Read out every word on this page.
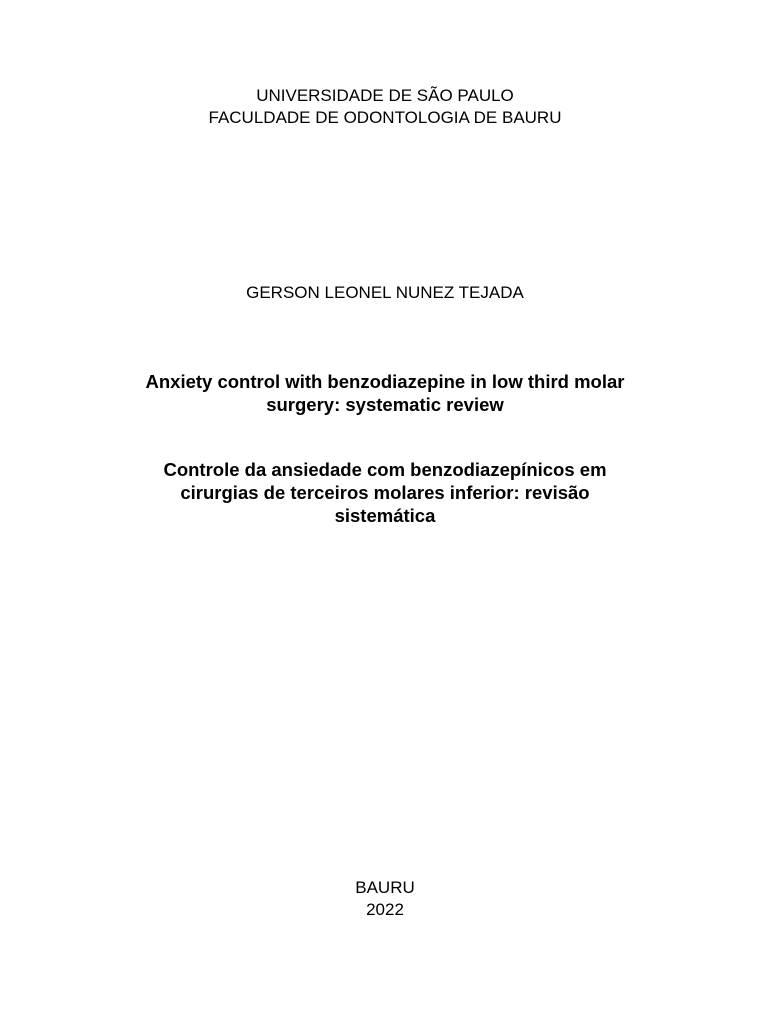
UNIVERSIDADE DE SÃO PAULO
FACULDADE DE ODONTOLOGIA DE BAURU
GERSON LEONEL NUNEZ TEJADA
Anxiety control with benzodiazepine in low third molar
surgery: systematic review
Controle da ansiedade com benzodiazepínicos em
cirurgias de terceiros molares inferior: revisão
sistemática
BAURU
2022
